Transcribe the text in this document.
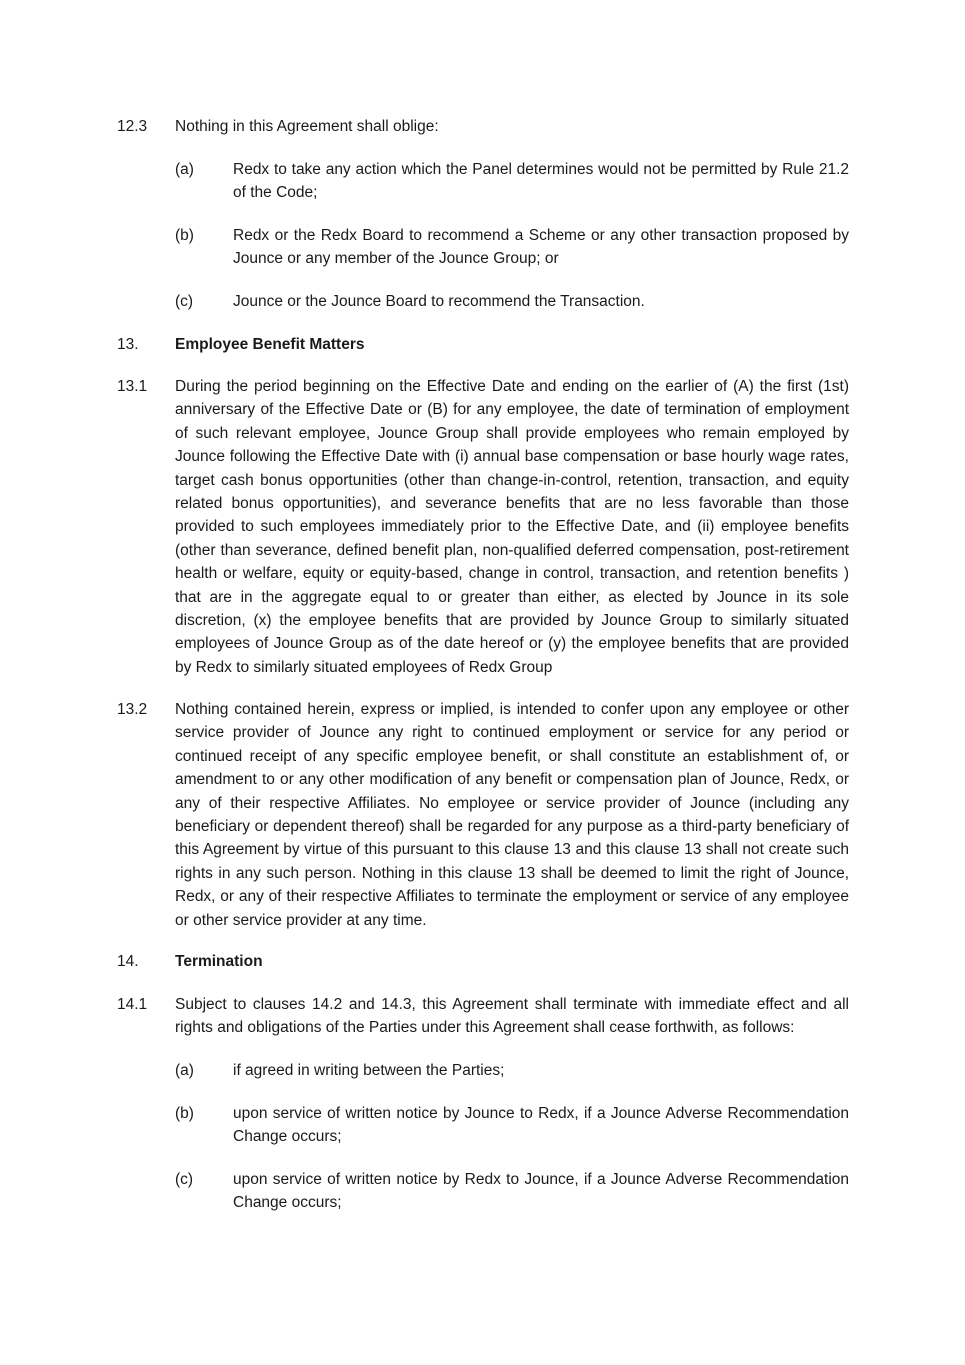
12.3 Nothing in this Agreement shall oblige:
(a)	Redx to take any action which the Panel determines would not be permitted by Rule 21.2 of the Code;
(b)	Redx or the Redx Board to recommend a Scheme or any other transaction proposed by Jounce or any member of the Jounce Group; or
(c)	Jounce or the Jounce Board to recommend the Transaction.
13. Employee Benefit Matters
13.1 During the period beginning on the Effective Date and ending on the earlier of (A) the first (1st) anniversary of the Effective Date or (B) for any employee, the date of termination of employment of such relevant employee, Jounce Group shall provide employees who remain employed by Jounce following the Effective Date with (i) annual base compensation or base hourly wage rates, target cash bonus opportunities (other than change-in-control, retention, transaction, and equity related bonus opportunities), and severance benefits that are no less favorable than those provided to such employees immediately prior to the Effective Date, and (ii) employee benefits (other than severance, defined benefit plan, non-qualified deferred compensation, post-retirement health or welfare, equity or equity-based, change in control, transaction, and retention benefits ) that are in the aggregate equal to or greater than either, as elected by Jounce in its sole discretion, (x) the employee benefits that are provided by Jounce Group to similarly situated employees of Jounce Group as of the date hereof or (y) the employee benefits that are provided by Redx to similarly situated employees of Redx Group
13.2 Nothing contained herein, express or implied, is intended to confer upon any employee or other service provider of Jounce any right to continued employment or service for any period or continued receipt of any specific employee benefit, or shall constitute an establishment of, or amendment to or any other modification of any benefit or compensation plan of Jounce, Redx, or any of their respective Affiliates. No employee or service provider of Jounce (including any beneficiary or dependent thereof) shall be regarded for any purpose as a third-party beneficiary of this Agreement by virtue of this pursuant to this clause 13 and this clause 13 shall not create such rights in any such person. Nothing in this clause 13 shall be deemed to limit the right of Jounce, Redx, or any of their respective Affiliates to terminate the employment or service of any employee or other service provider at any time.
14. Termination
14.1 Subject to clauses 14.2 and 14.3, this Agreement shall terminate with immediate effect and all rights and obligations of the Parties under this Agreement shall cease forthwith, as follows:
(a)	if agreed in writing between the Parties;
(b)	upon service of written notice by Jounce to Redx, if a Jounce Adverse Recommendation Change occurs;
(c)	upon service of written notice by Redx to Jounce, if a Jounce Adverse Recommendation Change occurs;
